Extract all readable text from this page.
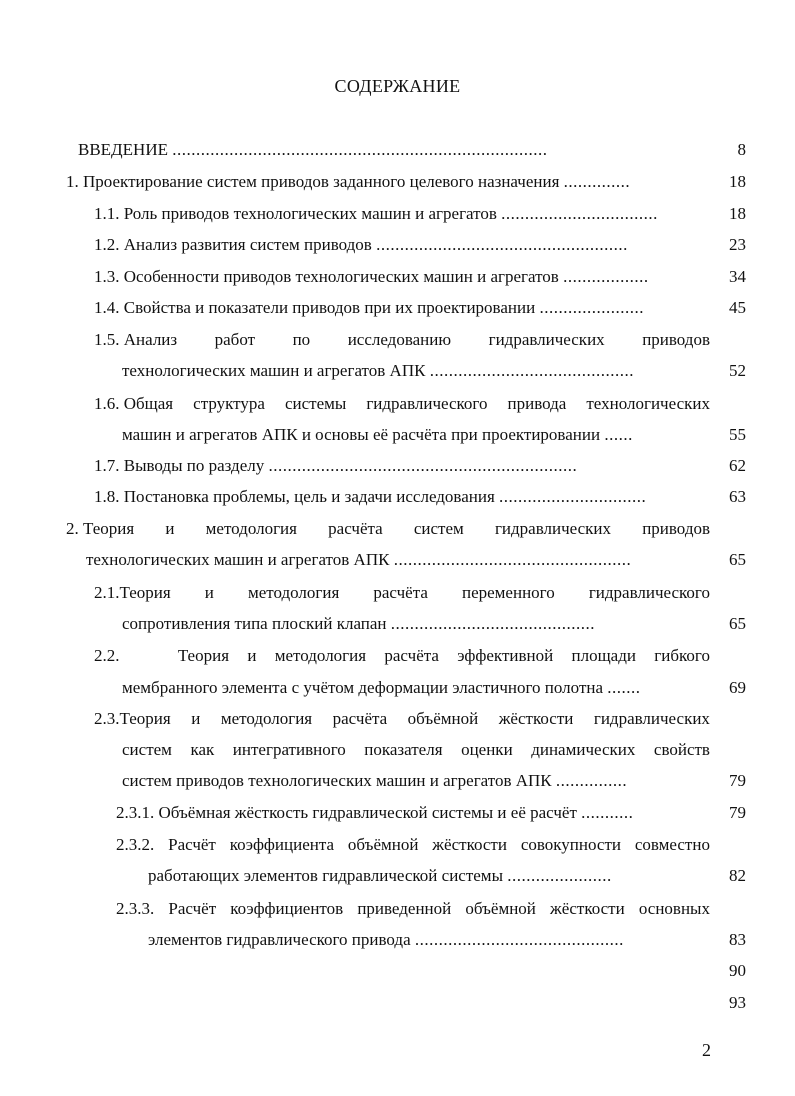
СОДЕРЖАНИЕ
ВВЕДЕНИЕ ...............................................................................	8
1. Проектирование систем приводов заданного целевого назначения ..............	18
1.1. Роль приводов технологических машин и агрегатов .................................	18
1.2. Анализ развития систем приводов .....................................................	23
1.3. Особенности приводов технологических машин и агрегатов ..................	34
1.4. Свойства и показатели приводов при их проектировании ......................	45
1.5. Анализ работ по исследованию гидравлических приводов
технологических машин и агрегатов АПК ...........................................	52
1.6. Общая структура системы гидравлического привода технологических
машин и агрегатов АПК и основы её расчёта при проектировании ......	55
1.7. Выводы по разделу .................................................................	62
1.8. Постановка проблемы, цель и задачи исследования ...............................	63
2. Теория и методология расчёта систем гидравлических приводов
технологических машин и агрегатов АПК ..................................................	65
2.1.Теория и методология расчёта переменного гидравлического
сопротивления типа плоский клапан ...........................................	65
2.2.	Теория и методология расчёта эффективной площади гибкого
мембранного элемента с учётом деформации эластичного полотна .......	69
2.3.Теория и методология расчёта объёмной жёсткости гидравлических
систем как интегративного показателя оценки динамических свойств
систем приводов технологических машин и агрегатов АПК ...............	79
2.3.1. Объёмная жёсткость гидравлической системы и её расчёт ...........	79
2.3.2. Расчёт коэффициента объёмной жёсткости совокупности совместно
работающих элементов гидравлической системы ......................	82
2.3.3. Расчёт коэффициентов приведенной объёмной жёсткости основных
элементов гидравлического привода ............................................	83

90

93
2
